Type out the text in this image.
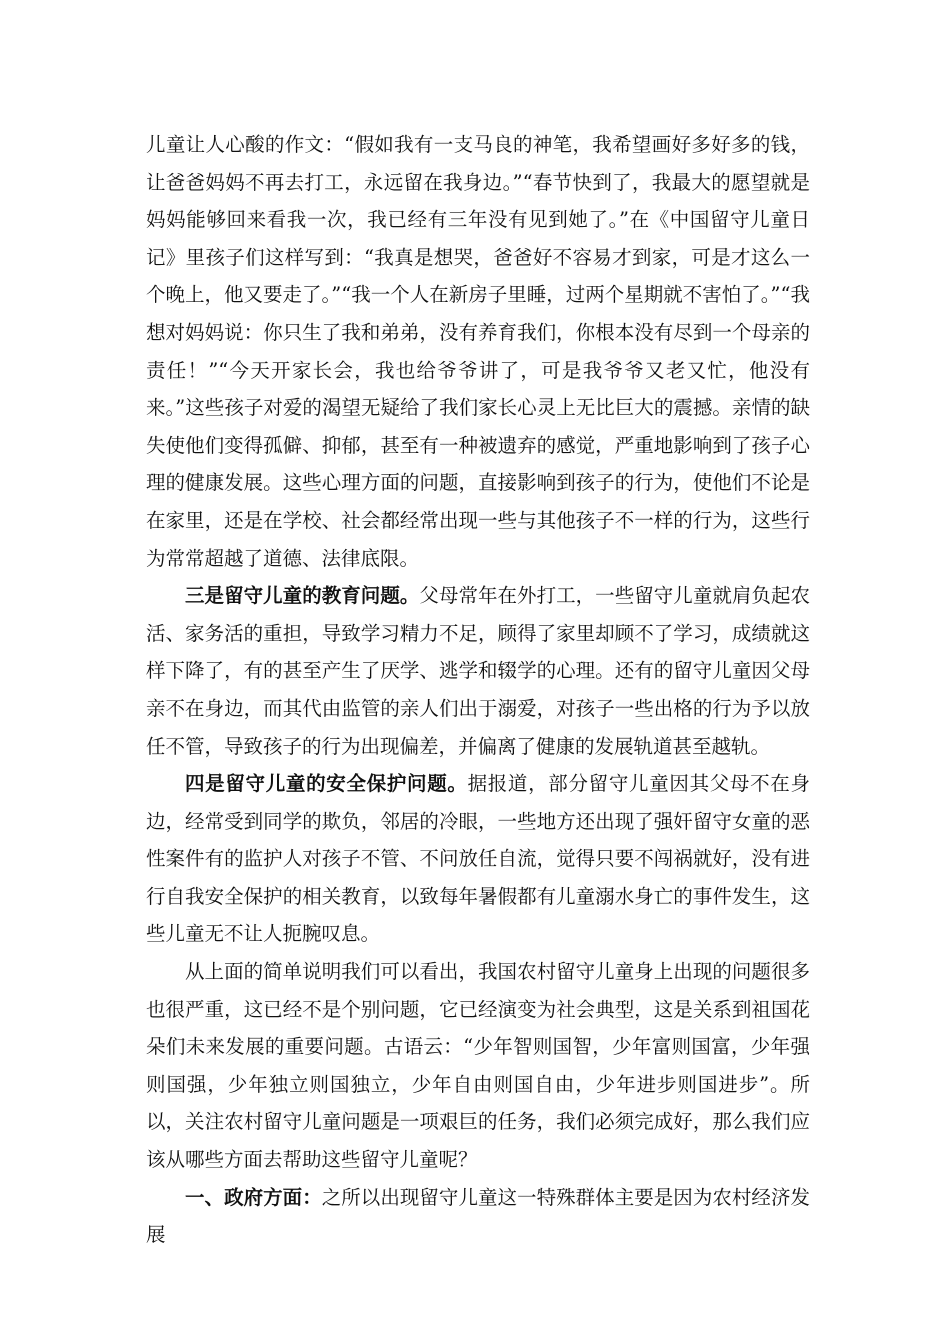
儿童让人心酸的作文：“假如我有一支马良的神笔，我希望画好多好多的钱，让爸爸妈妈不再去打工，永远留在我身边。”“春节快到了，我最大的愿望就是妈妈能够回来看我一次，我已经有三年没有见到她了。”在《中国留守儿童日记》里孩子们这样写到：“我真是想哭，爸爸好不容易才到家，可是才这么一个晚上，他又要走了。”“我一个人在新房子里睡，过两个星期就不害怕了。”“我想对妈妈说：你只生了我和弟弟，没有养育我们，你根本没有尽到一个母亲的责任！”“今天开家长会，我也给爷爷讲了，可是我爷爷又老又忙，他没有来。”这些孩子对爱的渴望无疑给了我们家长心灵上无比巨大的震撼。亲情的缺失使他们变得孤僻、抑郁，甚至有一种被遗弃的感觉，严重地影响到了孩子心理的健康发展。这些心理方面的问题，直接影响到孩子的行为，使他们不论是在家里，还是在学校、社会都经常出现一些与其他孩子不一样的行为，这些行为常常超越了道德、法律底限。

三是留守儿童的教育问题。父母常年在外打工，一些留守儿童就肩负起农活、家务活的重担，导致学习精力不足，顾得了家里却顾不了学习，成绩就这样下降了，有的甚至产生了厌学、逃学和辍学的心理。还有的留守儿童因父母亲不在身边，而其代由监管的亲人们出于溺爱，对孩子一些出格的行为予以放任不管，导致孩子的行为出现偏差，并偏离了健康的发展轨道甚至越轨。

四是留守儿童的安全保护问题。据报道，部分留守儿童因其父母不在身边，经常受到同学的欺负，邻居的冷眼，一些地方还出现了强奸留守女童的恶性案件有的监护人对孩子不管、不问放任自流，觉得只要不闯祸就好，没有进行自我安全保护的相关教育，以致每年暑假都有儿童溺水身亡的事件发生，这些儿童无不让人扼腕叹息。

从上面的简单说明我们可以看出，我国农村留守儿童身上出现的问题很多也很严重，这已经不是个别问题，它已经演变为社会典型，这是关系到祖国花朵们未来发展的重要问题。古语云：“少年智则国智，少年富则国富，少年强则国强，少年独立则国独立，少年自由则国自由，少年进步则国进步”。所以，关注农村留守儿童问题是一项艰巨的任务，我们必须完成好，那么我们应该从哪些方面去帮助这些留守儿童呢？

一、政府方面：之所以出现留守儿童这一特殊群体主要是因为农村经济发展
